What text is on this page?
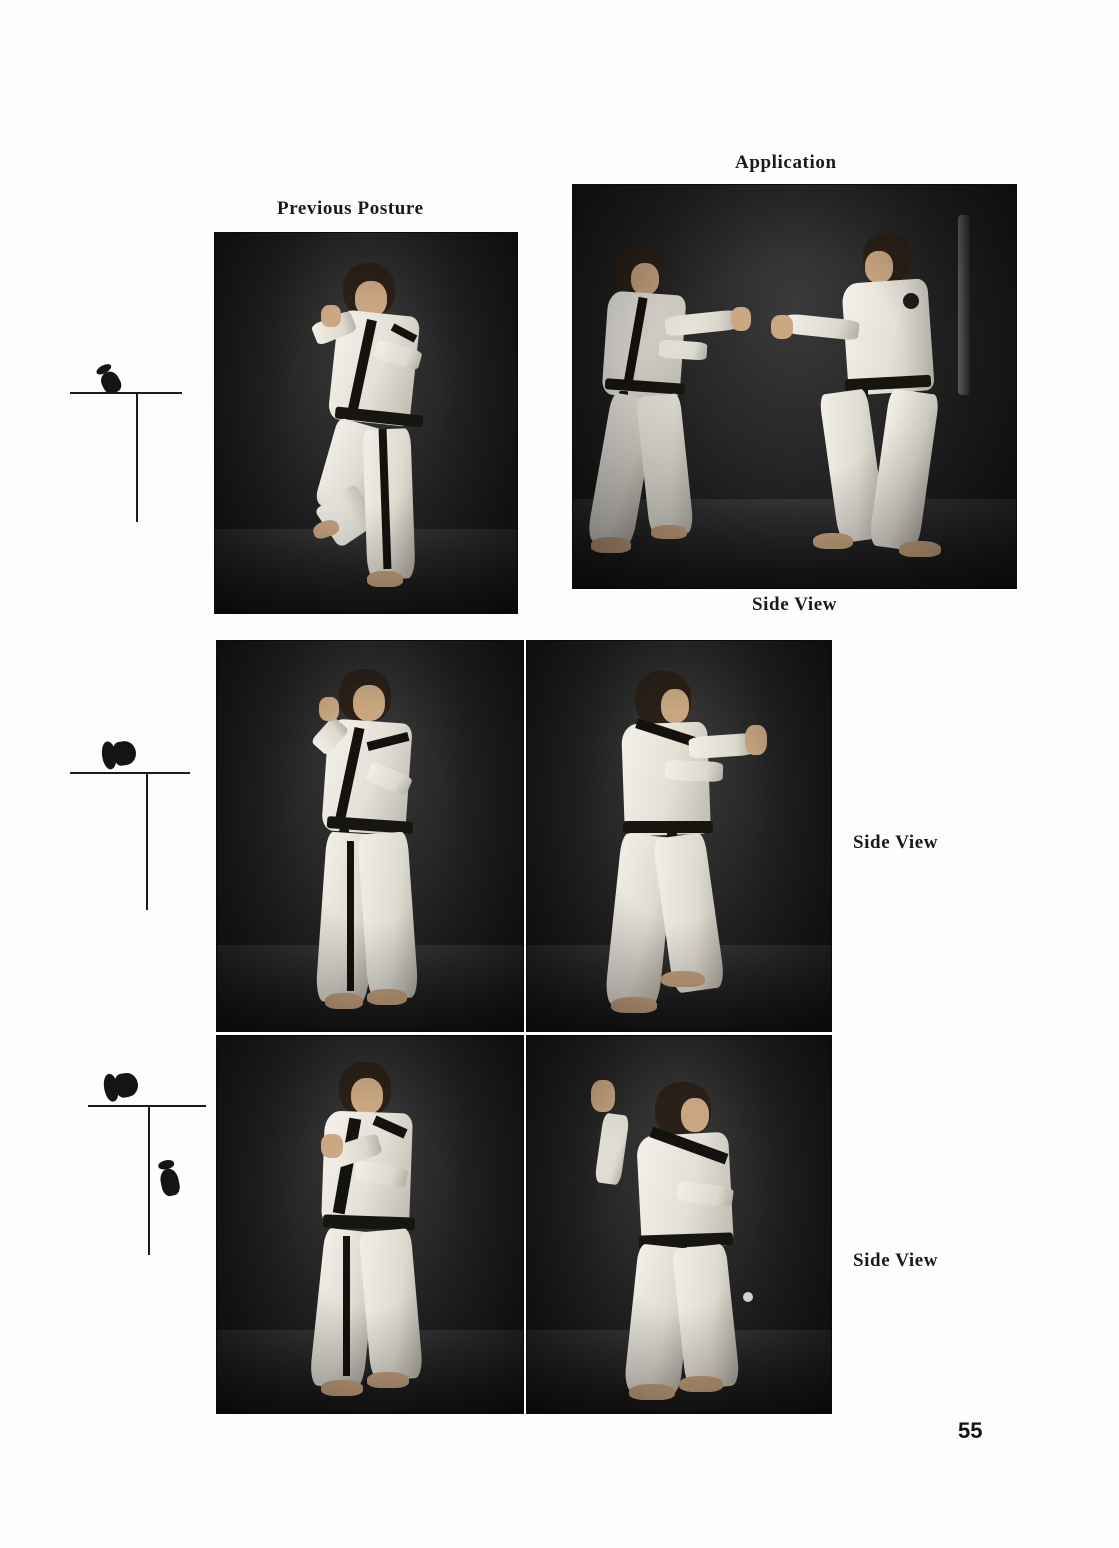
Application
Previous Posture
Side View
Side View
Side View
55
